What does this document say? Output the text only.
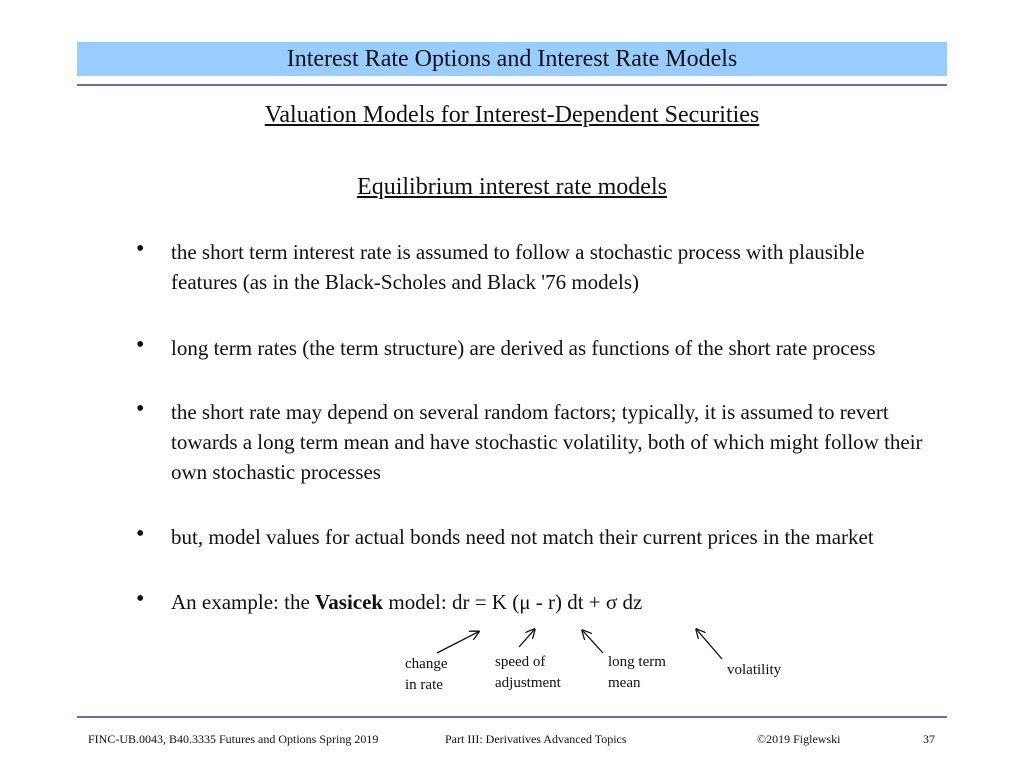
Interest Rate Options and Interest Rate Models
Valuation Models for Interest-Dependent Securities
Equilibrium interest rate models
• the short term interest rate is assumed to follow a stochastic process with plausible features (as in the Black-Scholes and Black '76 models)
• long term rates (the term structure) are derived as functions of the short rate process
• the short rate may depend on several random factors; typically, it is assumed to revert towards a long term mean and have stochastic volatility, both of which might follow their own stochastic processes
• but, model values for actual bonds need not match their current prices in the market
• An example: the Vasicek model: dr = K (μ - r) dt + σ dz
change
in rate
speed of
adjustment
long term
mean
volatility
FINC-UB.0043, B40.3335 Futures and Options Spring 2019	Part III: Derivatives Advanced Topics	©2019 Figlewski	37
